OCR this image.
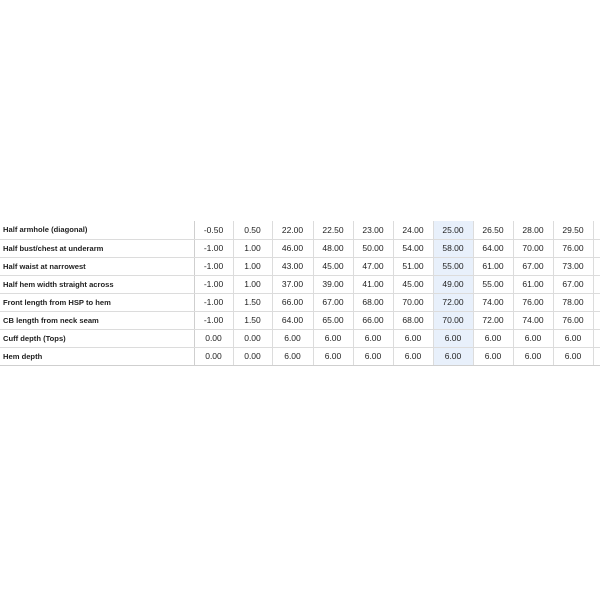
Half armhole (diagonal)	-0.50	0.50	22.00	22.50	23.00	24.00	25.00	26.50	28.00	29.50	
Half bust/chest at underarm	-1.00	1.00	46.00	48.00	50.00	54.00	58.00	64.00	70.00	76.00	
Half waist at narrowest	-1.00	1.00	43.00	45.00	47.00	51.00	55.00	61.00	67.00	73.00	
Half hem width straight across	-1.00	1.00	37.00	39.00	41.00	45.00	49.00	55.00	61.00	67.00	
Front length from HSP to hem	-1.00	1.50	66.00	67.00	68.00	70.00	72.00	74.00	76.00	78.00	
CB length from neck seam	-1.00	1.50	64.00	65.00	66.00	68.00	70.00	72.00	74.00	76.00	
Cuff depth (Tops)	0.00	0.00	6.00	6.00	6.00	6.00	6.00	6.00	6.00	6.00	
Hem depth	0.00	0.00	6.00	6.00	6.00	6.00	6.00	6.00	6.00	6.00	
